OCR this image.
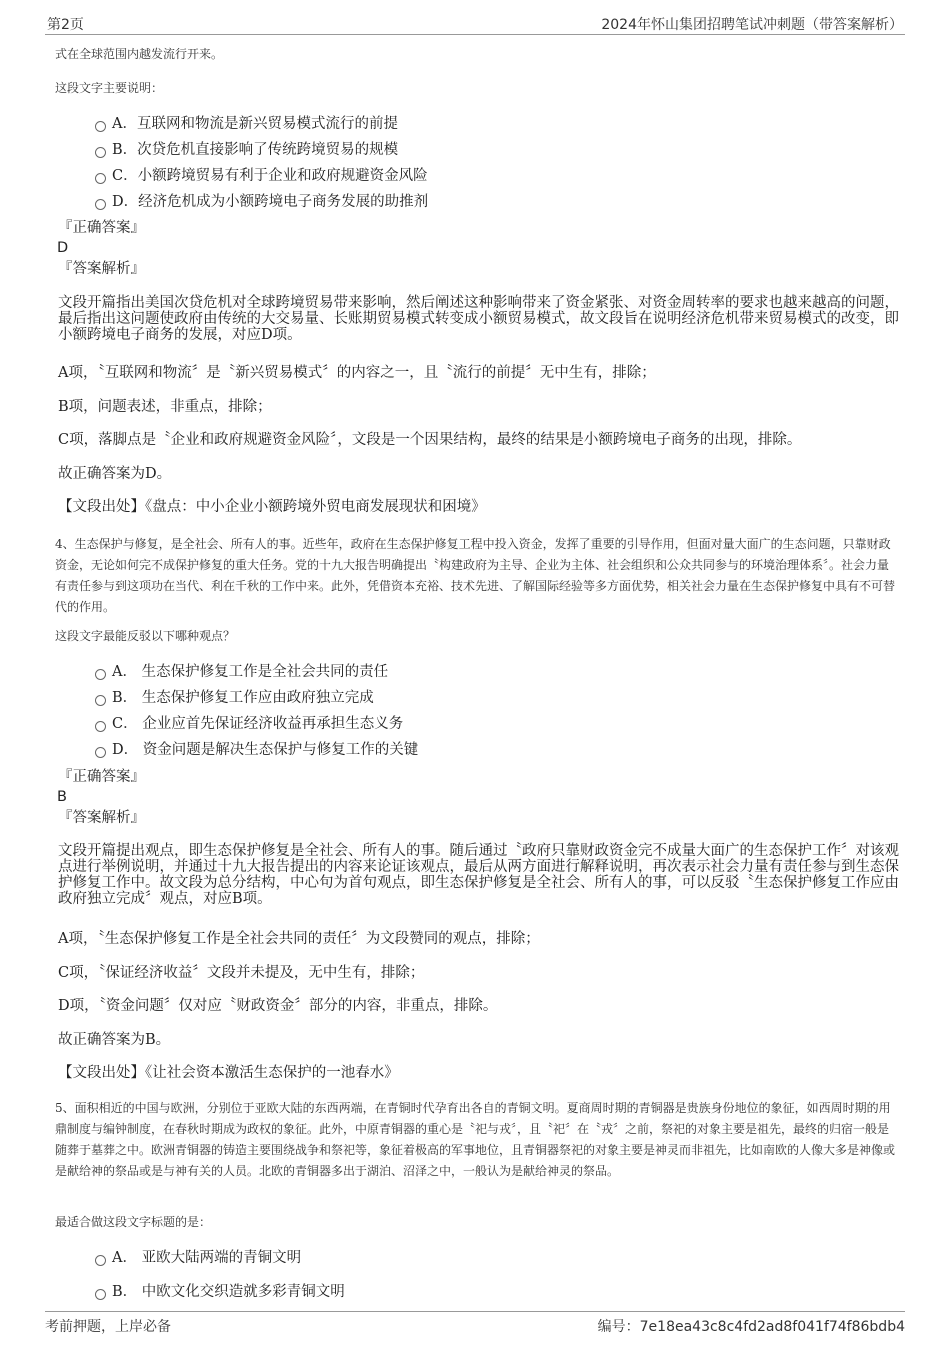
第2页	2024年怀山集团招聘笔试冲刺题（带答案解析）
式在全球范围内越发流行开来。
这段文字主要说明：
A．互联网和物流是新兴贸易模式流行的前提
B．次贷危机直接影响了传统跨境贸易的规模
C．小额跨境贸易有利于企业和政府规避资金风险
D．经济危机成为小额跨境电子商务发展的助推剂
『正确答案』
D
『答案解析』
文段开篇指出美国次贷危机对全球跨境贸易带来影响，然后阐述这种影响带来了资金紧张、对资金周转率的要求也越来越高的问题，最后指出这问题使政府由传统的大交易量、长账期贸易模式转变成小额贸易模式，故文段旨在说明经济危机带来贸易模式的改变，即小额跨境电子商务的发展，对应D项。
A项，〝互联网和物流〞是〝新兴贸易模式〞的内容之一，且〝流行的前提〞无中生有，排除；
B项，问题表述，非重点，排除；
C项，落脚点是〝企业和政府规避资金风险〞，文段是一个因果结构，最终的结果是小额跨境电子商务的出现，排除。
故正确答案为D。
【文段出处】《盘点：中小企业小额跨境外贸电商发展现状和困境》
4、生态保护与修复，是全社会、所有人的事。近些年，政府在生态保护修复工程中投入资金，发挥了重要的引导作用，但面对量大面广的生态问题，只靠财政资金，无论如何完不成保护修复的重大任务。党的十九大报告明确提出〝构建政府为主导、企业为主体、社会组织和公众共同参与的环境治理体系〞。社会力量有责任参与到这项功在当代、利在千秋的工作中来。此外，凭借资本充裕、技术先进、了解国际经验等多方面优势，相关社会力量在生态保护修复中具有不可替代的作用。
这段文字最能反驳以下哪种观点？
A． 生态保护修复工作是全社会共同的责任
B． 生态保护修复工作应由政府独立完成
C． 企业应首先保证经济收益再承担生态义务
D． 资金问题是解决生态保护与修复工作的关键
『正确答案』
B
『答案解析』
文段开篇提出观点，即生态保护修复是全社会、所有人的事。随后通过〝政府只靠财政资金完不成量大面广的生态保护工作〞对该观点进行举例说明，并通过十九大报告提出的内容来论证该观点，最后从两方面进行解释说明，再次表示社会力量有责任参与到生态保护修复工作中。故文段为总分结构，中心句为首句观点，即生态保护修复是全社会、所有人的事，可以反驳〝生态保护修复工作应由政府独立完成〞观点，对应B项。
A项，〝生态保护修复工作是全社会共同的责任〞为文段赞同的观点，排除；
C项，〝保证经济收益〞文段并未提及，无中生有，排除；
D项，〝资金问题〞仅对应〝财政资金〞部分的内容，非重点，排除。
故正确答案为B。
【文段出处】《让社会资本激活生态保护的一池春水》
5、面积相近的中国与欧洲，分别位于亚欧大陆的东西两端，在青铜时代孕育出各自的青铜文明。夏商周时期的青铜器是贵族身份地位的象征，如西周时期的用鼎制度与编钟制度，在春秋时期成为政权的象征。此外，中原青铜器的重心是〝祀与戎〞，且〝祀〞在〝戎〞之前，祭祀的对象主要是祖先，最终的归宿一般是随葬于墓葬之中。欧洲青铜器的铸造主要围绕战争和祭祀等，象征着极高的军事地位，且青铜器祭祀的对象主要是神灵而非祖先，比如南欧的人像大多是神像或是献给神的祭品或是与神有关的人员。北欧的青铜器多出于湖泊、沼泽之中，一般认为是献给神灵的祭品。
最适合做这段文字标题的是：
A． 亚欧大陆两端的青铜文明
B． 中欧文化交织造就多彩青铜文明
考前押题，上岸必备	编号：7e18ea43c8c4fd2ad8f041f74f86bdb4
